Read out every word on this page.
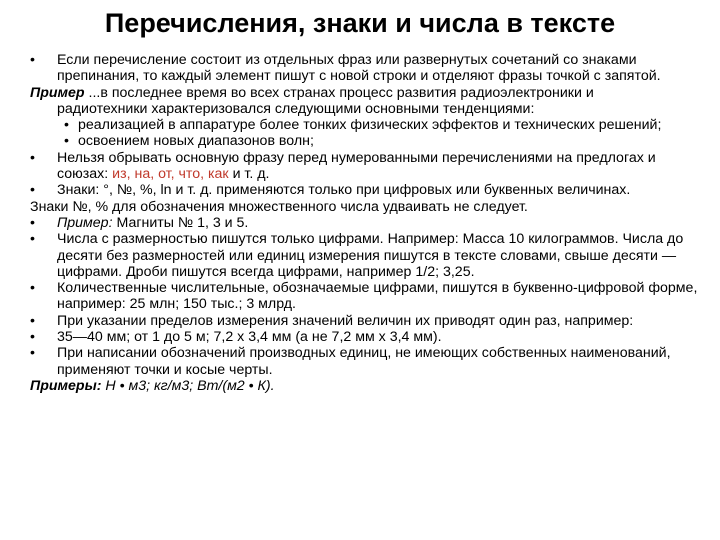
Перечисления, знаки и числа в тексте
•	Если перечисление состоит из отдельных фраз или развернутых сочетаний со знаками препинания, то каждый элемент пишут с новой строки и отделяют фразы точкой с запятой.
Пример ...в последнее время во всех странах процесс развития радиоэлектроники и
радиотехники характеризовался следующими основными тенденциями:
• реализацией в аппаратуре более тонких физических эффектов и технических решений;
• освоением новых диапазонов волн;
•	Нельзя обрывать основную фразу перед нумерованными перечислениями на предлогах и союзах: из, на, от, что, как и т. д.
•	Знаки: °, №, %, ln и т. д. применяются только при цифровых или буквенных величинах.
Знаки №, % для обозначения множественного числа удваивать не следует.
•	Пример: Магниты № 1, 3 и 5.
•	Числа с размерностью пишутся только цифрами. Например: Масса 10 килограммов. Числа до десяти без размерностей или единиц измерения пишутся в тексте словами, свыше десяти — цифрами. Дроби пишутся всегда цифрами, например 1/2; 3,25.
•	Количественные числительные, обозначаемые цифрами, пишутся в буквенно-цифровой форме, например: 25 млн; 150 тыс.; 3 млрд.
•	При указании пределов измерения значений величин их приводят один раз, например:
•	35—40 мм; от 1 до 5 м; 7,2 х 3,4 мм (а не 7,2 мм х 3,4 мм).
•	При написании обозначений производных единиц, не имеющих собственных наименований, применяют точки и косые черты.
Примеры: Н • м3; кг/м3; Вт/(м2 • К).
